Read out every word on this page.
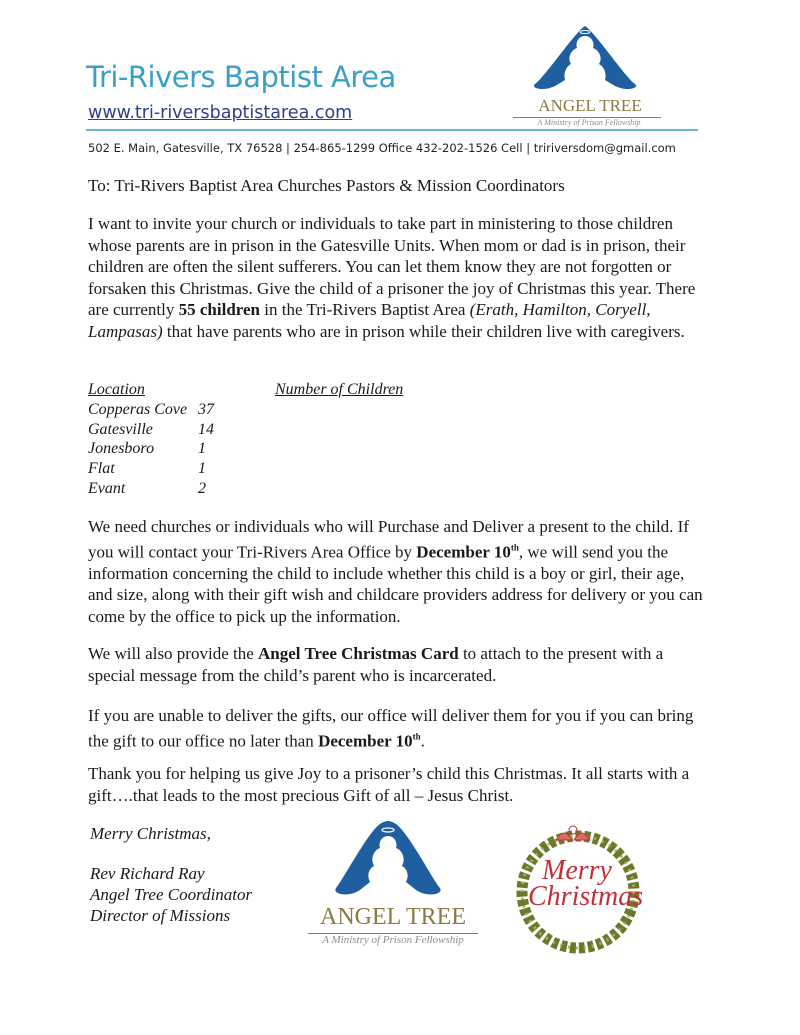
Tri-Rivers Baptist Area
www.tri-riversbaptistarea.com	ANGEL TREE
A Ministry of Prison Fellowship
502 E. Main, Gatesville, TX 76528 | 254-865-1299 Office 432-202-1526 Cell | tririversdom@gmail.com
To: Tri-Rivers Baptist Area Churches Pastors & Mission Coordinators
I want to invite your church or individuals to take part in ministering to those children whose parents are in prison in the Gatesville Units. When mom or dad is in prison, their children are often the silent sufferers. You can let them know they are not forgotten or forsaken this Christmas. Give the child of a prisoner the joy of Christmas this year. There are currently 55 children in the Tri-Rivers Baptist Area (Erath, Hamilton, Coryell, Lampasas) that have parents who are in prison while their children live with caregivers.
Location	Number of Children
Copperas Cove 37
Gatesville	14
Jonesboro	1
Flat	1
Evant	2
We need churches or individuals who will Purchase and Deliver a present to the child. If you will contact your Tri-Rivers Area Office by December 10th, we will send you the information concerning the child to include whether this child is a boy or girl, their age, and size, along with their gift wish and childcare providers address for delivery or you can come by the office to pick up the information.
We will also provide the Angel Tree Christmas Card to attach to the present with a special message from the child’s parent who is incarcerated.
If you are unable to deliver the gifts, our office will deliver them for you if you can bring the gift to our office no later than December 10th.
Thank you for helping us give Joy to a prisoner’s child this Christmas. It all starts with a gift….that leads to the most precious Gift of all – Jesus Christ.
Merry Christmas,
Rev Richard Ray
Angel Tree Coordinator
Director of Missions	ANGEL TREE
A Ministry of Prison Fellowship
Merry
Christmas
